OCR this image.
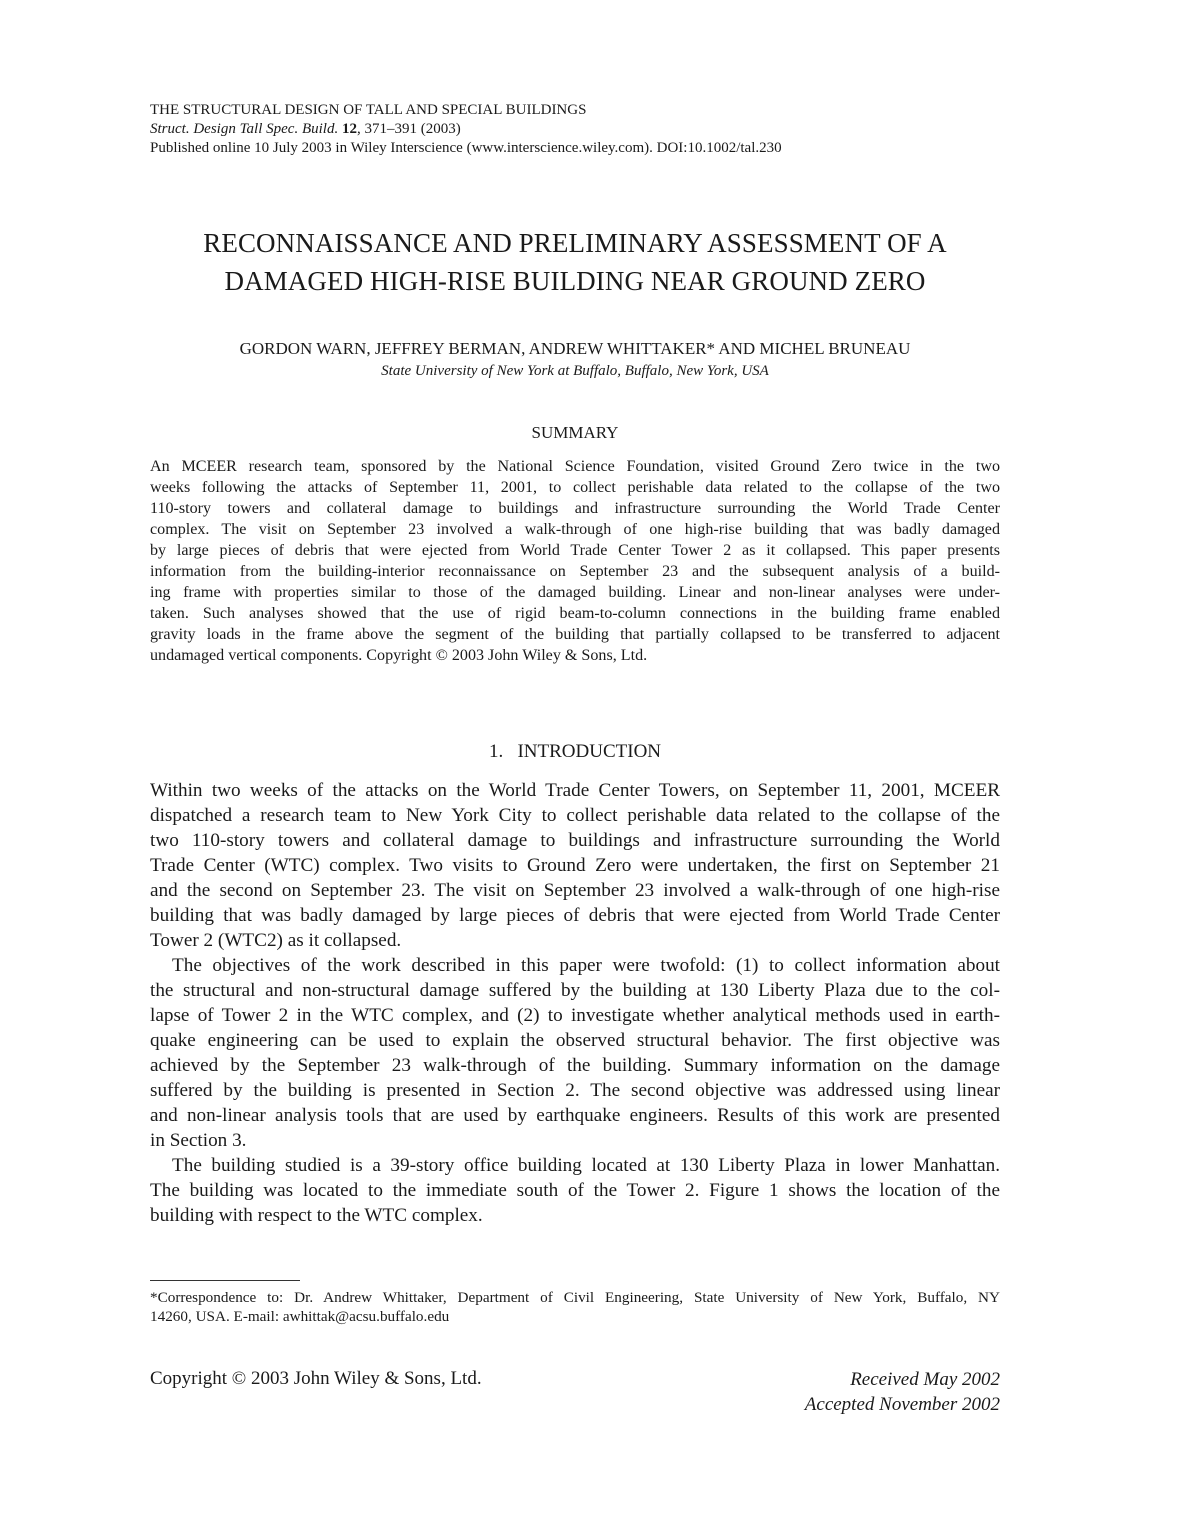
THE STRUCTURAL DESIGN OF TALL AND SPECIAL BUILDINGS
Struct. Design Tall Spec. Build. 12, 371–391 (2003)
Published online 10 July 2003 in Wiley Interscience (www.interscience.wiley.com). DOI:10.1002/tal.230
RECONNAISSANCE AND PRELIMINARY ASSESSMENT OF A
DAMAGED HIGH-RISE BUILDING NEAR GROUND ZERO
GORDON WARN, JEFFREY BERMAN, ANDREW WHITTAKER* AND MICHEL BRUNEAU
State University of New York at Buffalo, Buffalo, New York, USA
SUMMARY
An MCEER research team, sponsored by the National Science Foundation, visited Ground Zero twice in the two
weeks following the attacks of September 11, 2001, to collect perishable data related to the collapse of the two
110-story towers and collateral damage to buildings and infrastructure surrounding the World Trade Center
complex. The visit on September 23 involved a walk-through of one high-rise building that was badly damaged
by large pieces of debris that were ejected from World Trade Center Tower 2 as it collapsed. This paper presents
information from the building-interior reconnaissance on September 23 and the subsequent analysis of a build-
ing frame with properties similar to those of the damaged building. Linear and non-linear analyses were under-
taken. Such analyses showed that the use of rigid beam-to-column connections in the building frame enabled
gravity loads in the frame above the segment of the building that partially collapsed to be transferred to adjacent
undamaged vertical components. Copyright © 2003 John Wiley & Sons, Ltd.
1.   INTRODUCTION
Within two weeks of the attacks on the World Trade Center Towers, on September 11, 2001, MCEER
dispatched a research team to New York City to collect perishable data related to the collapse of the
two 110-story towers and collateral damage to buildings and infrastructure surrounding the World
Trade Center (WTC) complex. Two visits to Ground Zero were undertaken, the first on September 21
and the second on September 23. The visit on September 23 involved a walk-through of one high-rise
building that was badly damaged by large pieces of debris that were ejected from World Trade Center
Tower 2 (WTC2) as it collapsed.
The objectives of the work described in this paper were twofold: (1) to collect information about
the structural and non-structural damage suffered by the building at 130 Liberty Plaza due to the col-
lapse of Tower 2 in the WTC complex, and (2) to investigate whether analytical methods used in earth-
quake engineering can be used to explain the observed structural behavior. The first objective was
achieved by the September 23 walk-through of the building. Summary information on the damage
suffered by the building is presented in Section 2. The second objective was addressed using linear
and non-linear analysis tools that are used by earthquake engineers. Results of this work are presented
in Section 3.
The building studied is a 39-story office building located at 130 Liberty Plaza in lower Manhattan.
The building was located to the immediate south of the Tower 2. Figure 1 shows the location of the
building with respect to the WTC complex.
*Correspondence to: Dr. Andrew Whittaker, Department of Civil Engineering, State University of New York, Buffalo, NY
14260, USA. E-mail: awhittak@acsu.buffalo.edu
Copyright © 2003 John Wiley & Sons, Ltd.	Received May 2002
Accepted November 2002
